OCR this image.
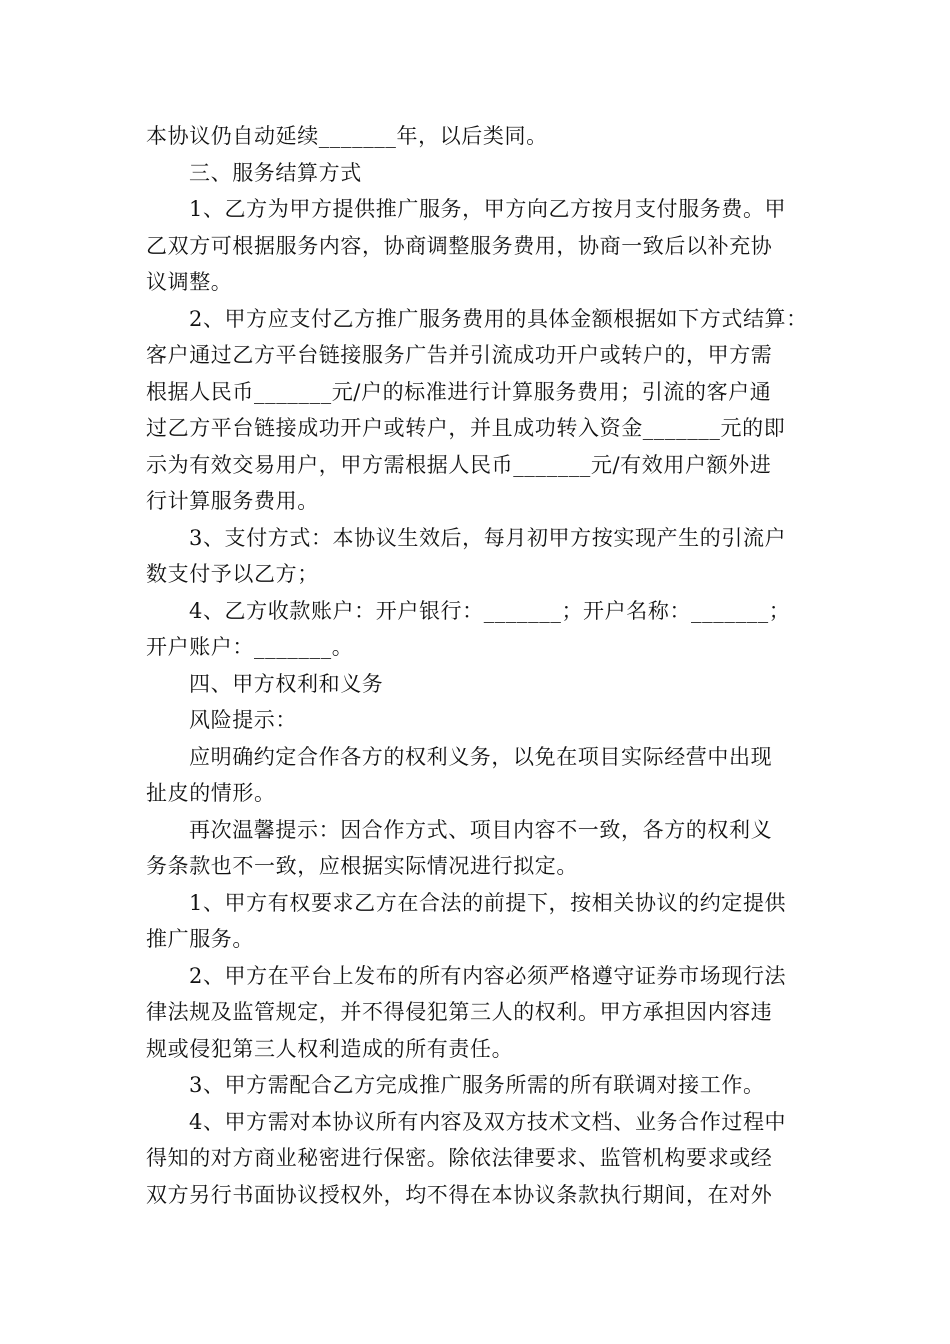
本协议仍自动延续_______年，以后类同。
三、服务结算方式
1、乙方为甲方提供推广服务，甲方向乙方按月支付服务费。甲
乙双方可根据服务内容，协商调整服务费用，协商一致后以补充协
议调整。
2、甲方应支付乙方推广服务费用的具体金额根据如下方式结算：
客户通过乙方平台链接服务广告并引流成功开户或转户的，甲方需
根据人民币_______元/户的标准进行计算服务费用；引流的客户通
过乙方平台链接成功开户或转户，并且成功转入资金_______元的即
示为有效交易用户，甲方需根据人民币_______元/有效用户额外进
行计算服务费用。
3、支付方式：本协议生效后，每月初甲方按实现产生的引流户
数支付予以乙方；
4、乙方收款账户：开户银行：_______；开户名称：_______；
开户账户：_______。
四、甲方权利和义务
风险提示：
应明确约定合作各方的权利义务，以免在项目实际经营中出现
扯皮的情形。
再次温馨提示：因合作方式、项目内容不一致，各方的权利义
务条款也不一致，应根据实际情况进行拟定。
1、甲方有权要求乙方在合法的前提下，按相关协议的约定提供
推广服务。
2、甲方在平台上发布的所有内容必须严格遵守证券市场现行法
律法规及监管规定，并不得侵犯第三人的权利。甲方承担因内容违
规或侵犯第三人权利造成的所有责任。
3、甲方需配合乙方完成推广服务所需的所有联调对接工作。
4、甲方需对本协议所有内容及双方技术文档、业务合作过程中
得知的对方商业秘密进行保密。除依法律要求、监管机构要求或经
双方另行书面协议授权外，均不得在本协议条款执行期间，在对外
